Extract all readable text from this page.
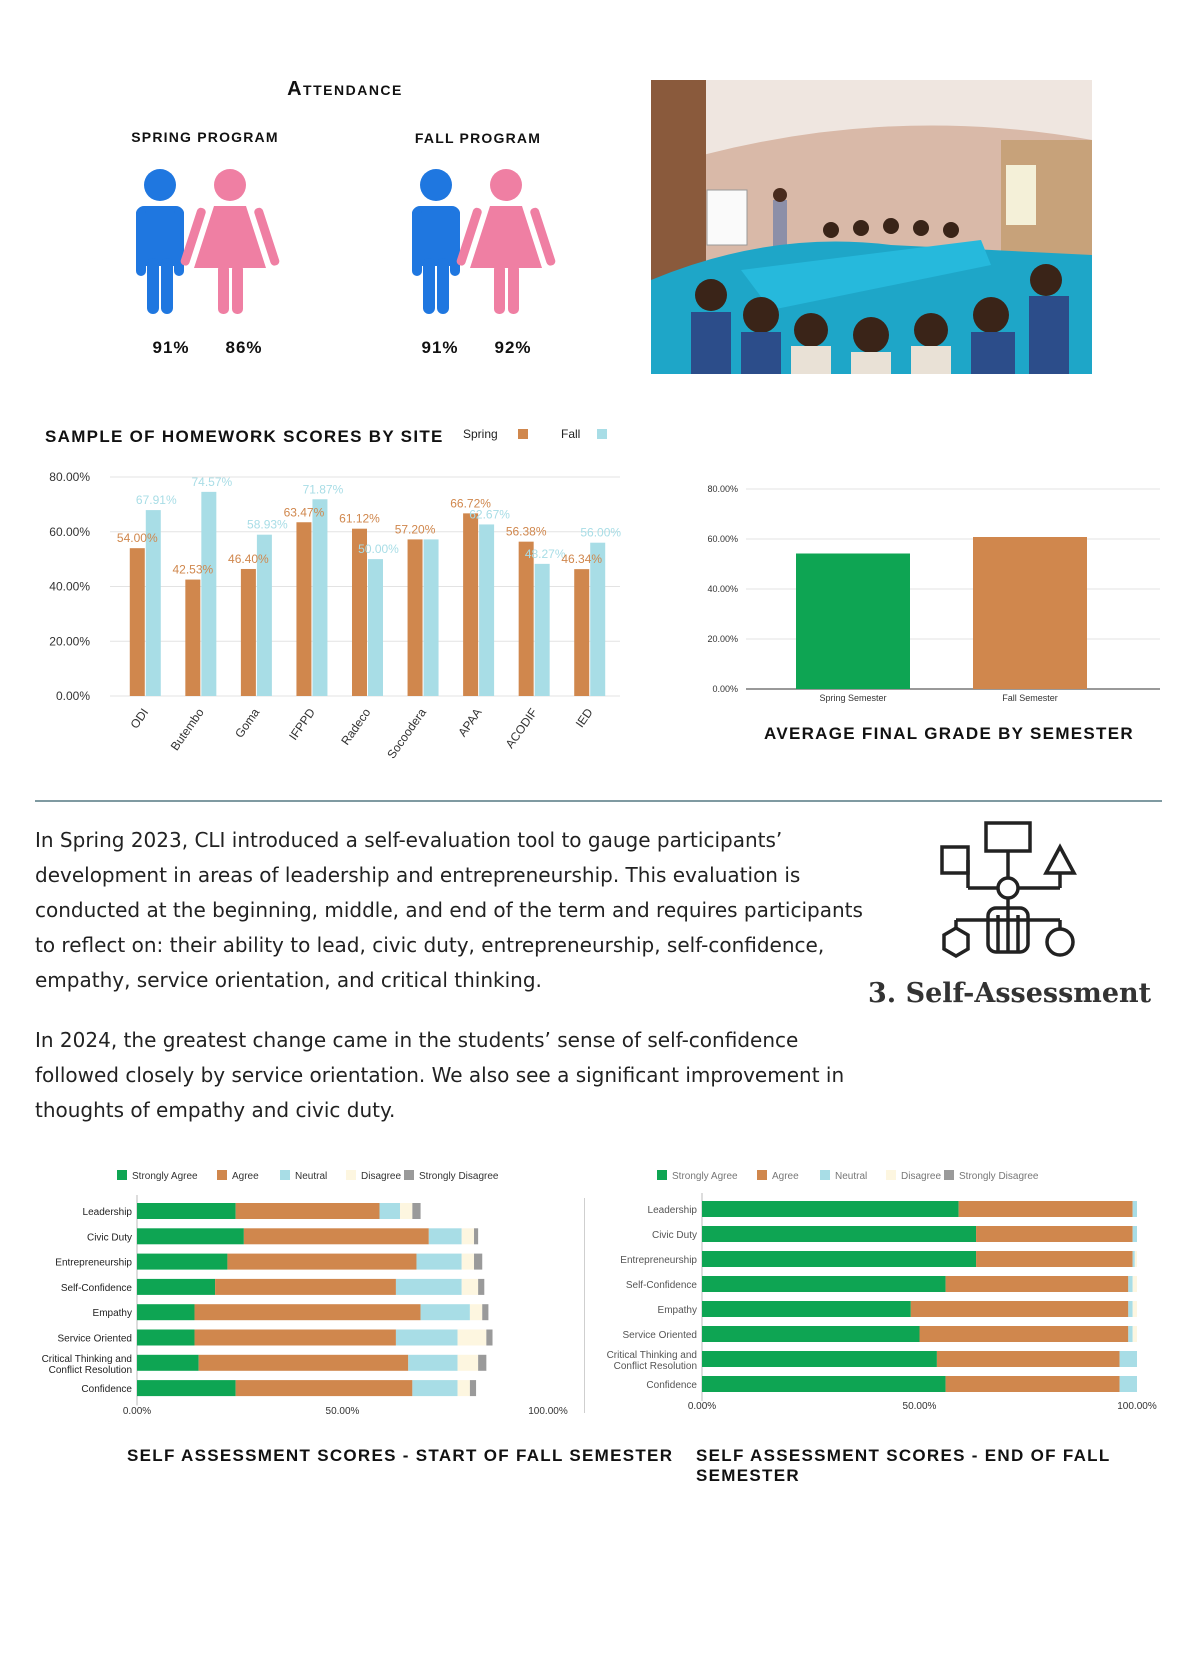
Attendance
SPRING PROGRAM	FALL PROGRAM
91%	86%	91%	92%
SAMPLE OF HOMEWORK SCORES BY SITE Spring	Fall
0.00%
20.00%
40.00%
60.00%
80.00%
54.00%
67.91%
ODI
42.53%
74.57%
Butembo
46.40%
58.93%
Goma
63.47%
71.87%
IFPPD
61.12%
50.00%
Radeco
57.20%
Socoodera
66.72%
62.67%
APAA
56.38%
48.27%
ACODIF
46.34%
56.00%
IED
0.00%
20.00%
40.00%
60.00%
80.00%
Spring Semester	Fall Semester
AVERAGE FINAL GRADE BY SEMESTER
In Spring 2023, CLI introduced a self-evaluation tool to gauge participants’ development in areas of leadership and entrepreneurship. This evaluation is conducted at the beginning, middle, and end of the term and requires participants to reflect on: their ability to lead, civic duty, entrepreneurship, self-confidence, empathy, service orientation, and critical thinking.
In 2024, the greatest change came in the students’ sense of self-confidence followed closely by service orientation. We also see a significant improvement in thoughts of empathy and civic duty.
3. Self-Assessment
Strongly Agree	Agree	Neutral	Disagree Strongly Disagree
Leadership
Civic Duty
Entrepreneurship
Self-Confidence
Empathy
Service Oriented
Critical Thinking and
Conflict Resolution
Confidence
0.00%	50.00%	100.00%
Strongly Agree	Agree	Neutral	Disagree Strongly Disagree
Leadership
Civic Duty
Entrepreneurship
Self-Confidence
Empathy
Service Oriented
Critical Thinking and
Conflict Resolution
Confidence
0.00%	50.00%	100.00%
SELF ASSESSMENT SCORES - START OF FALL SEMESTER SELF ASSESSMENT SCORES - END OF FALL SEMESTER
